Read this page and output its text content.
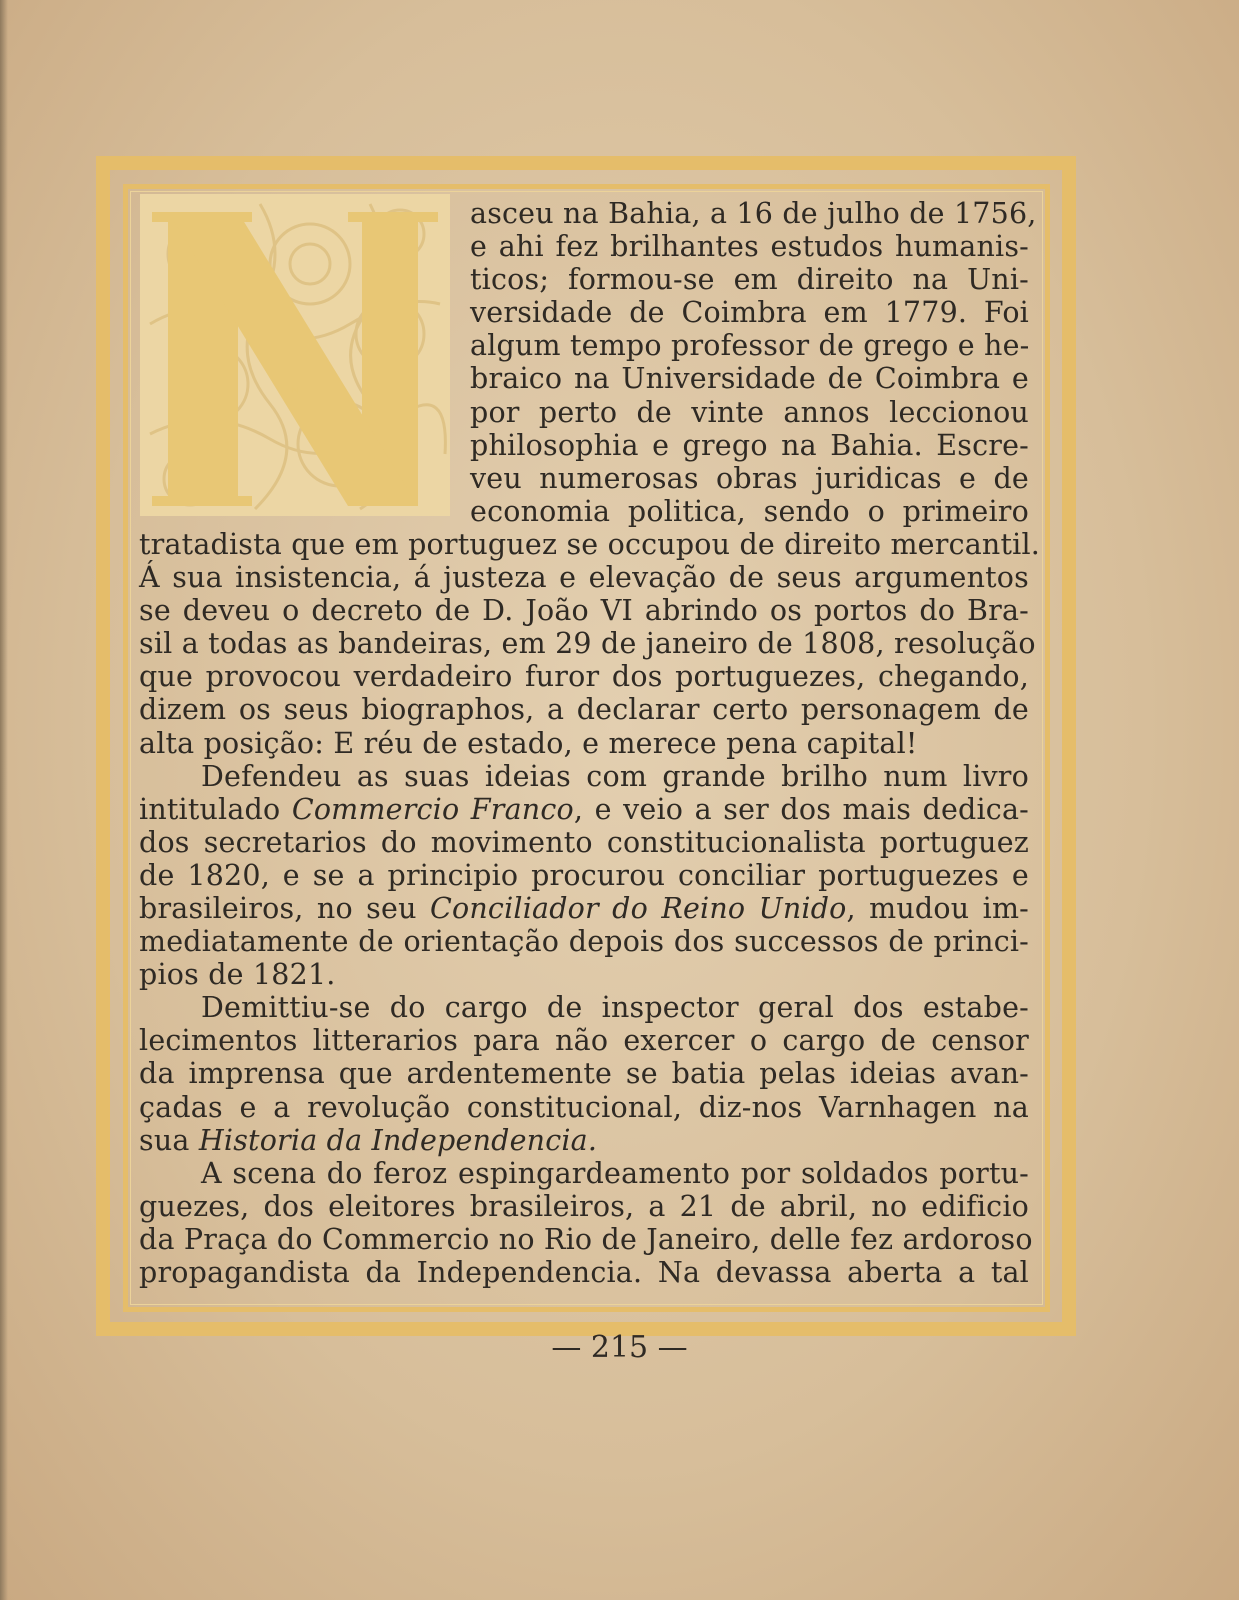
N
asceu na Bahia, a 16 de julho de 1756,
e ahi fez brilhantes estudos humanis-
ticos; formou-se em direito na Uni-
versidade de Coimbra em 1779. Foi
algum tempo professor de grego e he-
braico na Universidade de Coimbra e
por perto de vinte annos leccionou
philosophia e grego na Bahia. Escre-
veu numerosas obras juridicas e de
economia politica, sendo o primeiro
tratadista que em portuguez se occupou de direito mercantil.
Á sua insistencia, á justeza e elevação de seus argumentos
se deveu o decreto de D. João VI abrindo os portos do Bra-
sil a todas as bandeiras, em 29 de janeiro de 1808, resolução
que provocou verdadeiro furor dos portuguezes, chegando,
dizem os seus biographos, a declarar certo personagem de
alta posição: E réu de estado, e merece pena capital!
Defendeu as suas ideias com grande brilho num livro
intitulado Commercio Franco, e veio a ser dos mais dedica-
dos secretarios do movimento constitucionalista portuguez
de 1820, e se a principio procurou conciliar portuguezes e
brasileiros, no seu Conciliador do Reino Unido, mudou im-
mediatamente de orientação depois dos successos de princi-
pios de 1821.
Demittiu-se do cargo de inspector geral dos estabe-
lecimentos litterarios para não exercer o cargo de censor
da imprensa que ardentemente se batia pelas ideias avan-
çadas e a revolução constitucional, diz-nos Varnhagen na
sua Historia da Independencia.
A scena do feroz espingardeamento por soldados portu-
guezes, dos eleitores brasileiros, a 21 de abril, no edificio
da Praça do Commercio no Rio de Janeiro, delle fez ardoroso
propagandista da Independencia. Na devassa aberta a tal
— 215 —
